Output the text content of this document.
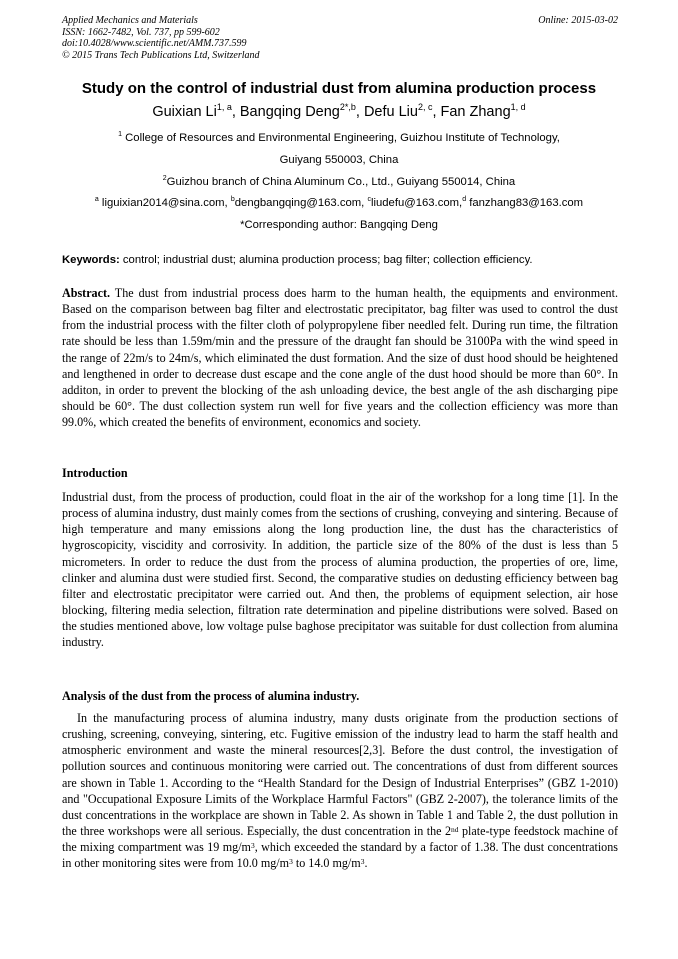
Applied Mechanics and Materials
ISSN: 1662-7482, Vol. 737, pp 599-602
doi:10.4028/www.scientific.net/AMM.737.599
© 2015 Trans Tech Publications Ltd, Switzerland
Online: 2015-03-02
Study on the control of industrial dust from alumina production process
Guixian Li$^{1, a}$, Bangqing Deng$^{2*,b}$, Defu Liu$^{2, c}$, Fan Zhang$^{1, d}$
$^1$ College of Resources and Environmental Engineering, Guizhou Institute of Technology,
Guiyang 550003, China
$^2$Guizhou branch of China Aluminum Co., Ltd., Guiyang 550014, China
$^a$ liguixian2014@sina.com, $^b$dengbangqing@163.com, $^c$liudefu@163.com,$^d$ fanzhang83@163.com
*Corresponding author: Bangqing Deng
Keywords: control; industrial dust; alumina production process; bag filter; collection efficiency.
Abstract. The dust from industrial process does harm to the human health, the equipments and environment. Based on the comparison between bag filter and electrostatic precipitator, bag filter was used to control the dust from the industrial process with the filter cloth of polypropylene fiber needled felt. During run time, the filtration rate should be less than 1.59m/min and the pressure of the draught fan should be 3100Pa with the wind speed in the range of 22m/s to 24m/s, which eliminated the dust formation. And the size of dust hood should be heightened and lengthened in order to decrease dust escape and the cone angle of the dust hood should be more than 60°. In additon, in order to prevent the blocking of the ash unloading device, the best angle of the ash discharging pipe should be 60°. The dust collection system run well for five years and the collection efficiency was more than 99.0%, which created the benefits of environment, economics and society.
Introduction
Industrial dust, from the process of production, could float in the air of the workshop for a long time [1]. In the process of alumina industry, dust mainly comes from the sections of crushing, conveying and sintering. Because of high temperature and many emissions along the long production line, the dust has the characteristics of hygroscopicity, viscidity and corrosivity. In addition, the particle size of the 80% of the dust is less than 5 micrometers. In order to reduce the dust from the process of alumina production, the properties of ore, lime, clinker and alumina dust were studied first. Second, the comparative studies on dedusting efficiency between bag filter and electrostatic precipitator were carried out. And then, the problems of equipment selection, air hose blocking, filtering media selection, filtration rate determination and pipeline distributions were solved. Based on the studies mentioned above, low voltage pulse baghose precipitator was suitable for dust collection from alumina industry.
Analysis of the dust from the process of alumina industry.
In the manufacturing process of alumina industry, many dusts originate from the production sections of crushing, screening, conveying, sintering, etc. Fugitive emission of the industry lead to harm the staff health and atmospheric environment and waste the mineral resources[2,3]. Before the dust control, the investigation of pollution sources and continuous monitoring were carried out. The concentrations of dust from different sources are shown in Table 1. According to the “Health Standard for the Design of Industrial Enterprises” (GBZ 1-2010) and "Occupational Exposure Limits of the Workplace Harmful Factors" (GBZ 2-2007), the tolerance limits of the dust concentrations in the workplace are shown in Table 2. As shown in Table 1 and Table 2, the dust pollution in the three workshops were all serious. Especially, the dust concentration in the 2nd plate-type feedstock machine of the mixing compartment was 19 $mg/m^3$, which exceeded the standard by a factor of 1.38. The dust concentrations in other monitoring sites were from 10.0 $mg/m^3$ to 14.0 $mg/m^3$.
